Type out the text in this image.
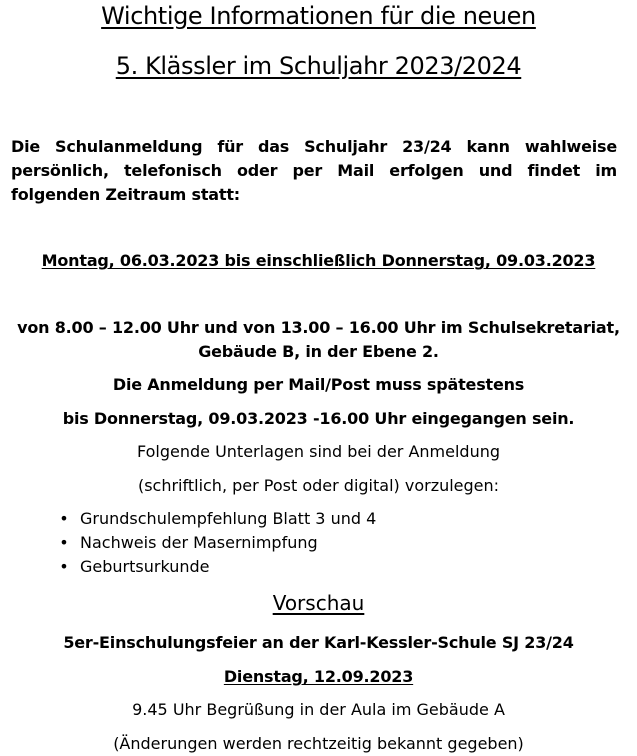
Wichtige Informationen für die neuen
5. Klässler im Schuljahr 2023/2024
Die Schulanmeldung für das Schuljahr 23/24 kann wahlweise persönlich, telefonisch oder per Mail erfolgen und findet im folgenden Zeitraum statt:
Montag, 06.03.2023 bis einschließlich Donnerstag, 09.03.2023
von 8.00 – 12.00 Uhr und von 13.00 – 16.00 Uhr im Schulsekretariat,
Gebäude B, in der Ebene 2.
Die Anmeldung per Mail/Post muss spätestens
bis Donnerstag, 09.03.2023 -16.00 Uhr eingegangen sein.
Folgende Unterlagen sind bei der Anmeldung
(schriftlich, per Post oder digital) vorzulegen:
• Grundschulempfehlung Blatt 3 und 4
• Nachweis der Masernimpfung
• Geburtsurkunde
Vorschau
5er-Einschulungsfeier an der Karl-Kessler-Schule SJ 23/24
Dienstag, 12.09.2023
9.45 Uhr Begrüßung in der Aula im Gebäude A
(Änderungen werden rechtzeitig bekannt gegeben)
